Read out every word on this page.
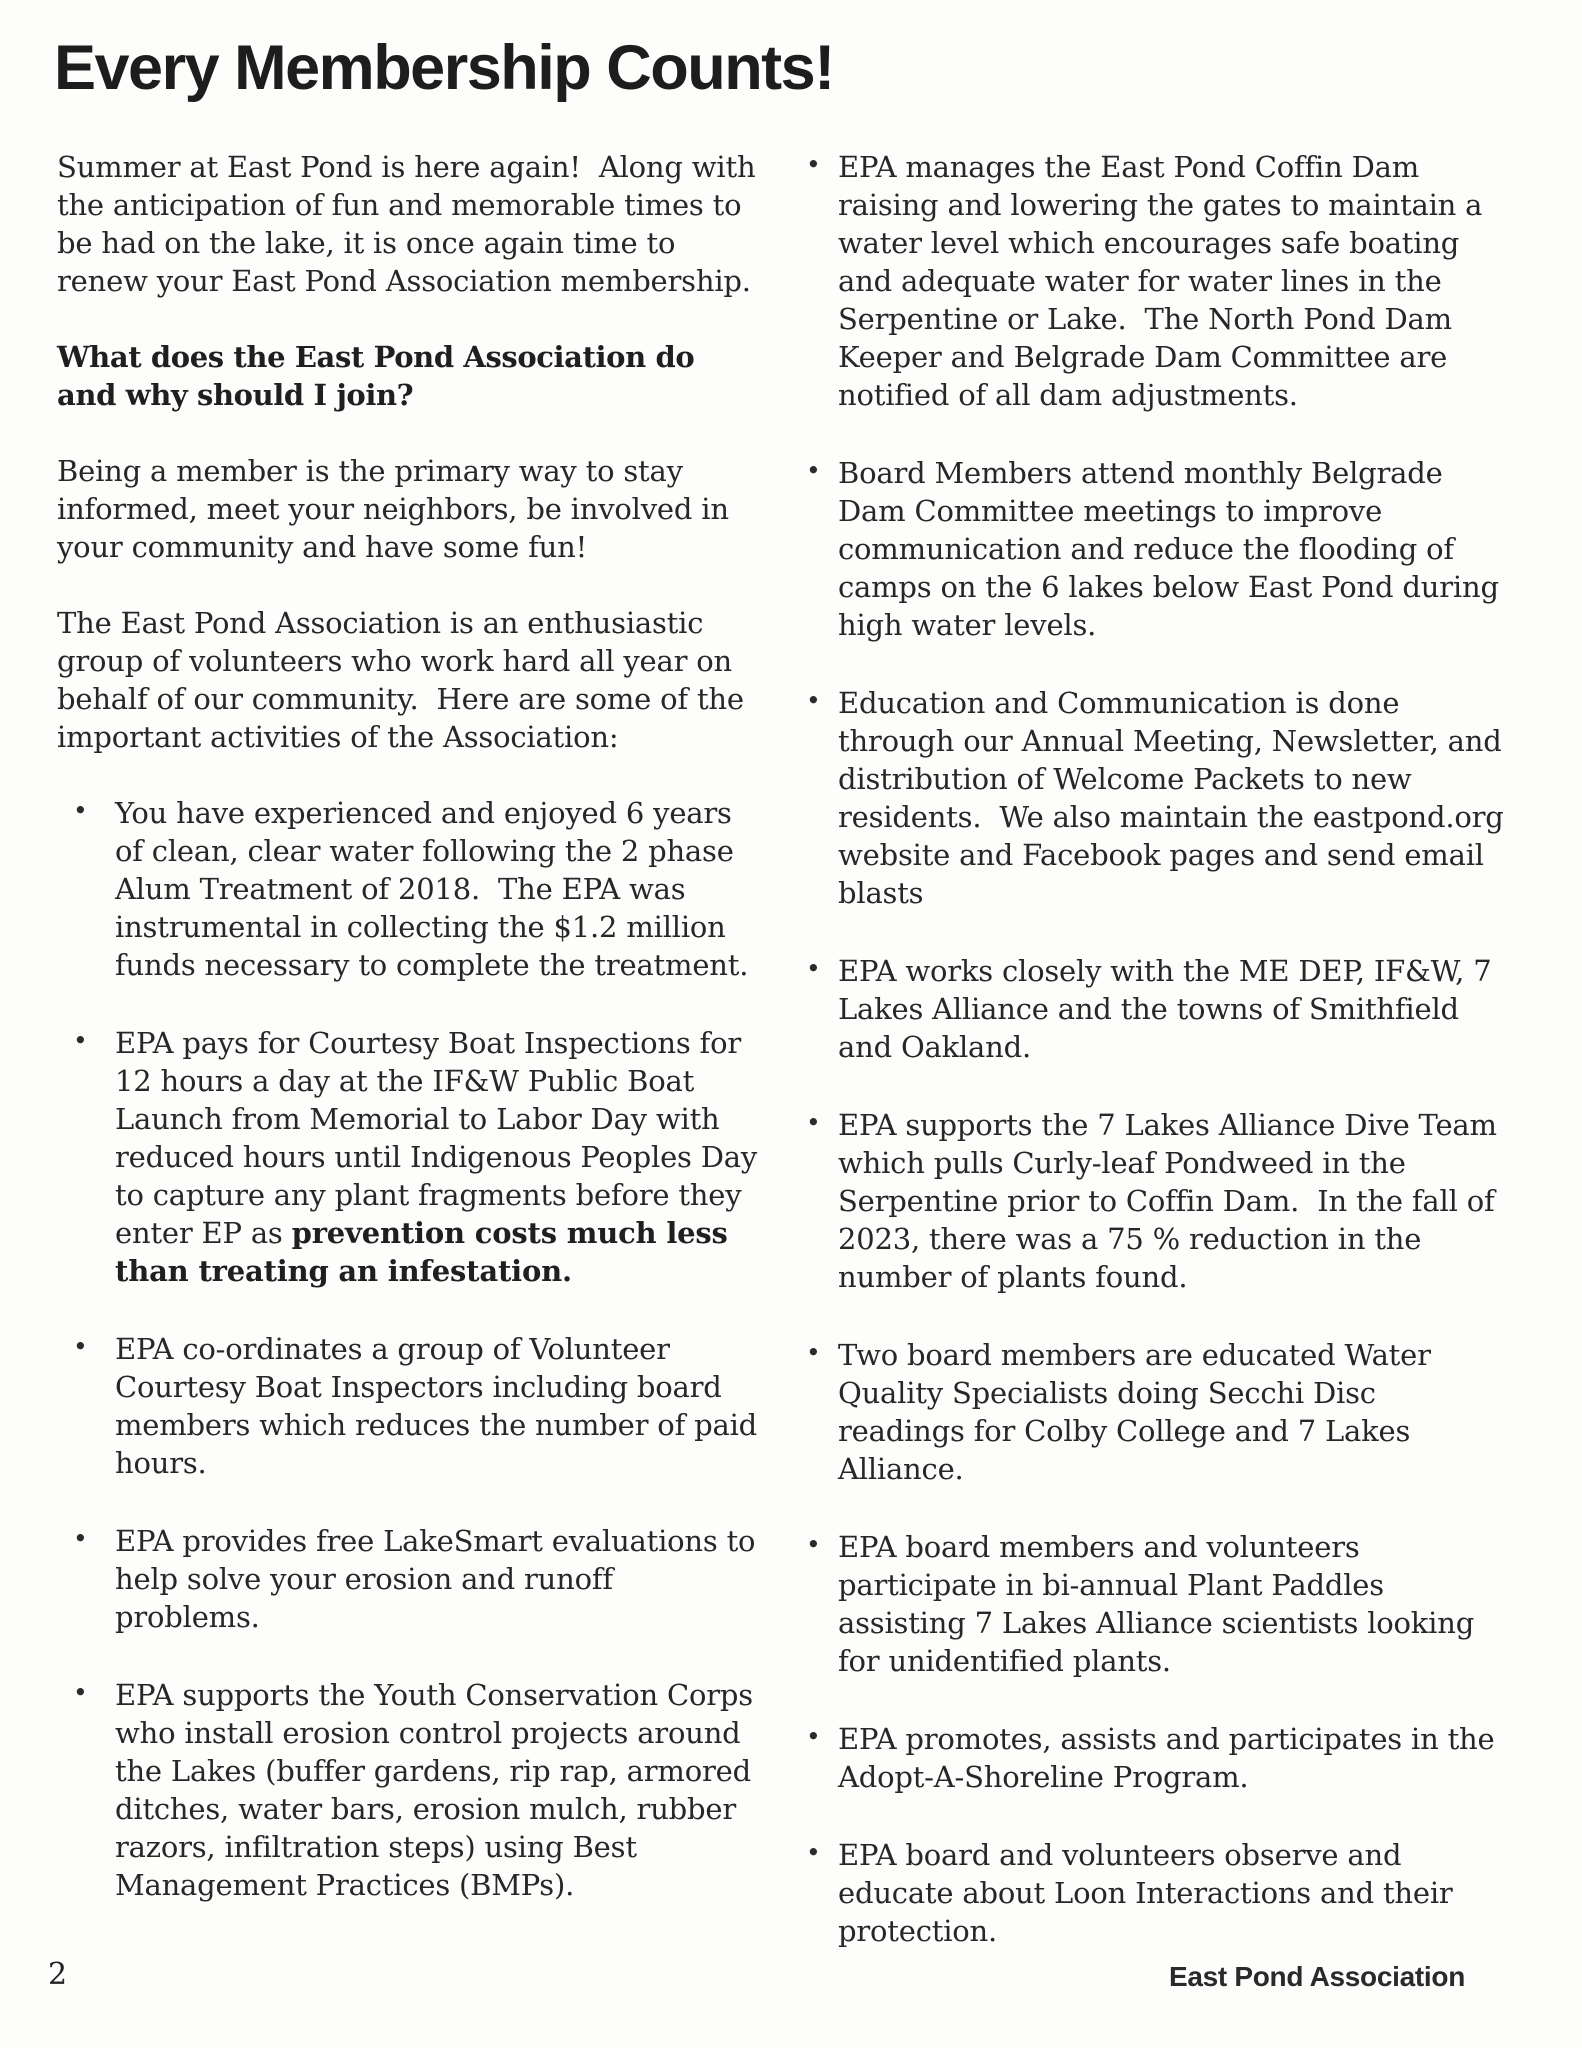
Every Membership Counts!

Summer at East Pond is here again!  Along with the anticipation of fun and memorable times to be had on the lake, it is once again time to renew your East Pond Association membership.

What does the East Pond Association do and why should I join?

Being a member is the primary way to stay informed, meet your neighbors, be involved in your community and have some fun!

The East Pond Association is an enthusiastic group of volunteers who work hard all year on behalf of our community.  Here are some of the important activities of the Association:

• You have experienced and enjoyed 6 years of clean, clear water following the 2 phase Alum Treatment of 2018.  The EPA was instrumental in collecting the $1.2 million funds necessary to complete the treatment.
• EPA pays for Courtesy Boat Inspections for 12 hours a day at the IF&W Public Boat Launch from Memorial to Labor Day with reduced hours until Indigenous Peoples Day to capture any plant fragments before they enter EP as prevention costs much less than treating an infestation.
• EPA co-ordinates a group of Volunteer Courtesy Boat Inspectors including board members which reduces the number of paid hours.
• EPA provides free LakeSmart evaluations to help solve your erosion and runoff problems.
• EPA supports the Youth Conservation Corps who install erosion control projects around the Lakes (buffer gardens, rip rap, armored ditches, water bars, erosion mulch, rubber razors, infiltration steps) using Best Management Practices (BMPs).
• EPA manages the East Pond Coffin Dam raising and lowering the gates to maintain a water level which encourages safe boating and adequate water for water lines in the Serpentine or Lake.  The North Pond Dam Keeper and Belgrade Dam Committee are notified of all dam adjustments.
• Board Members attend monthly Belgrade Dam Committee meetings to improve communication and reduce the flooding of camps on the 6 lakes below East Pond during high water levels.
• Education and Communication is done through our Annual Meeting, Newsletter, and distribution of Welcome Packets to new residents.  We also maintain the eastpond.org website and Facebook pages and send email blasts
• EPA works closely with the ME DEP, IF&W, 7 Lakes Alliance and the towns of Smithfield and Oakland.
• EPA supports the 7 Lakes Alliance Dive Team which pulls Curly-leaf Pondweed in the Serpentine prior to Coffin Dam.  In the fall of 2023, there was a 75 % reduction in the number of plants found.
• Two board members are educated Water Quality Specialists doing Secchi Disc readings for Colby College and 7 Lakes Alliance.
• EPA board members and volunteers participate in bi-annual Plant Paddles assisting 7 Lakes Alliance scientists looking for unidentified plants.
• EPA promotes, assists and participates in the Adopt-A-Shoreline Program.
• EPA board and volunteers observe and educate about Loon Interactions and their protection.
2	East Pond Association
